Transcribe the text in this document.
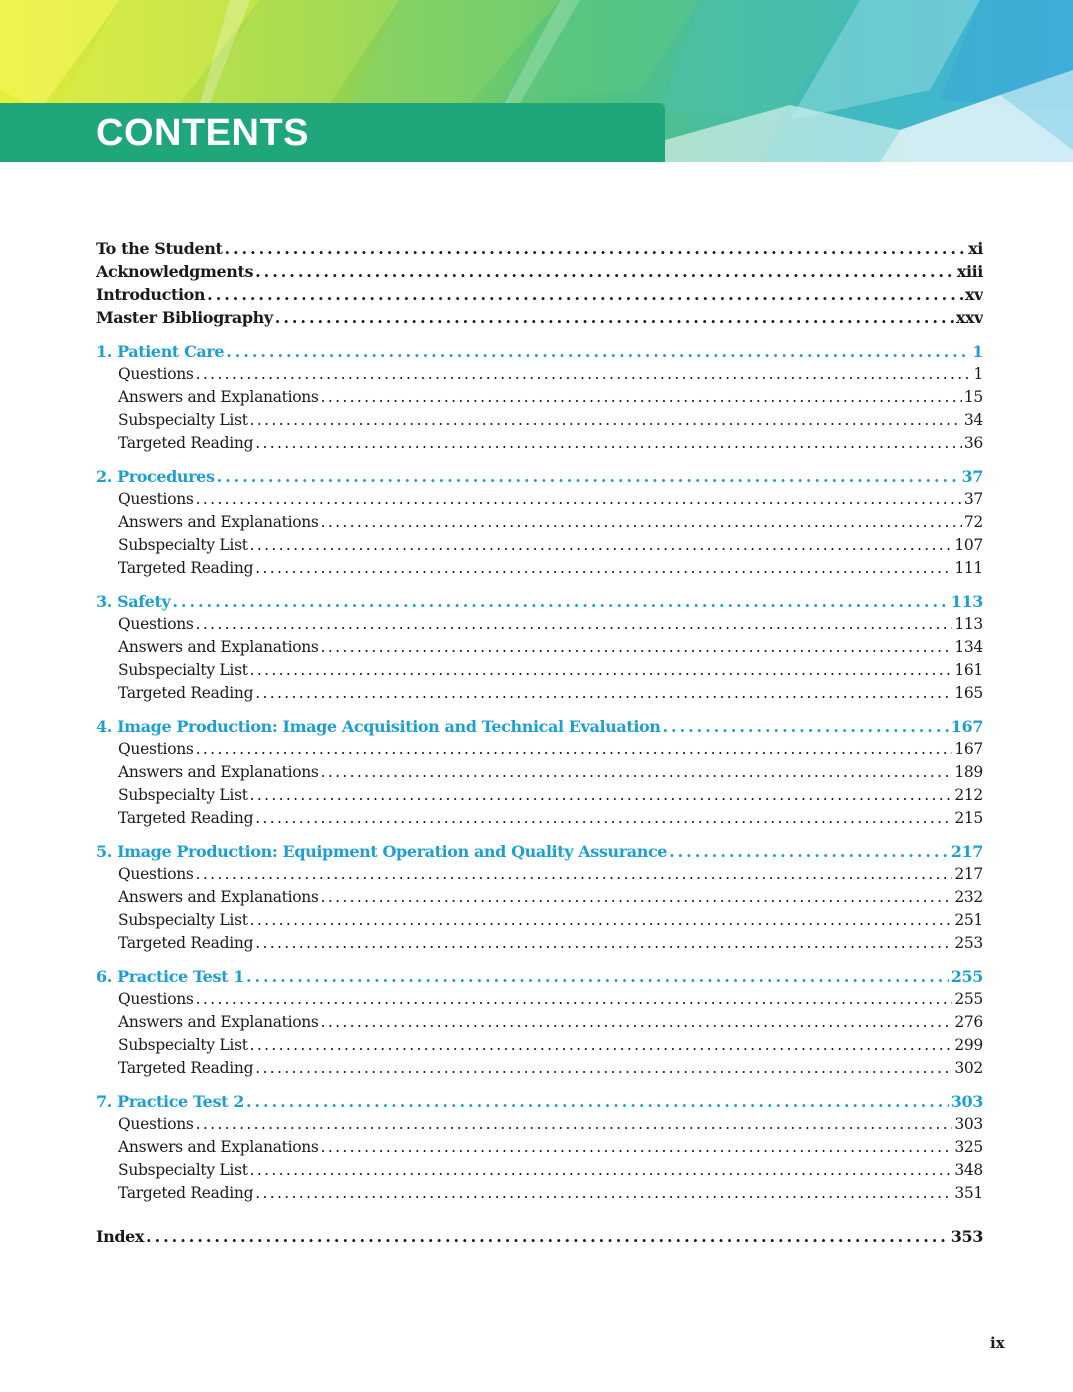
CONTENTS
To the Student . . .	xi
Acknowledgments . . .	xiii
Introduction . . .	xv
Master Bibliography . . .	xxv
1. Patient Care . . .	1
Questions . . .	1
Answers and Explanations . . .	15
Subspecialty List . . .	34
Targeted Reading . . .	36
2. Procedures . . .	37
Questions . . .	37
Answers and Explanations . . .	72
Subspecialty List . . .	107
Targeted Reading . . .	111
3. Safety . . .	113
Questions . . .	113
Answers and Explanations . . .	134
Subspecialty List . . .	161
Targeted Reading . . .	165
4. Image Production: Image Acquisition and Technical Evaluation . . .	167
Questions . . .	167
Answers and Explanations . . .	189
Subspecialty List . . .	212
Targeted Reading . . .	215
5. Image Production: Equipment Operation and Quality Assurance . . .	217
Questions . . .	217
Answers and Explanations . . .	232
Subspecialty List . . .	251
Targeted Reading . . .	253
6. Practice Test 1 . . .	255
Questions . . .	255
Answers and Explanations . . .	276
Subspecialty List . . .	299
Targeted Reading . . .	302
7. Practice Test 2 . . .	303
Questions . . .	303
Answers and Explanations . . .	325
Subspecialty List . . .	348
Targeted Reading . . .	351
Index . . .	353
ix
